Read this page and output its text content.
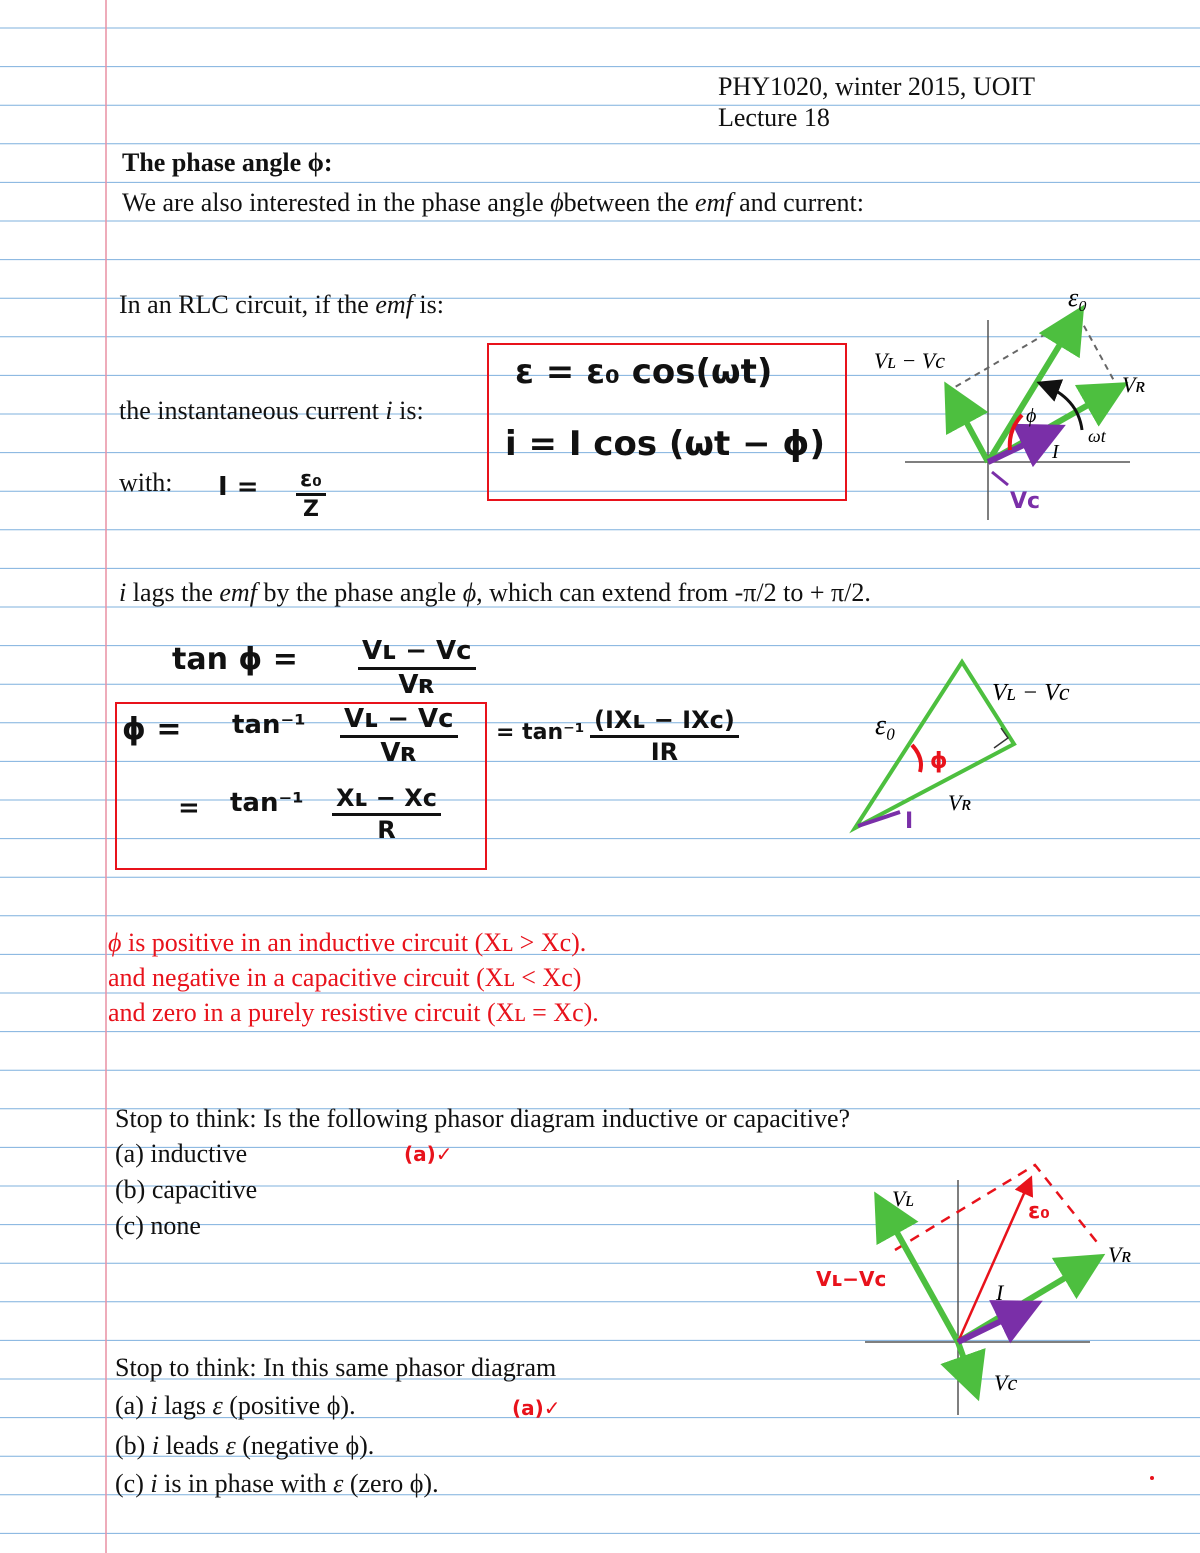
PHY1020, winter 2015, UOIT
Lecture 18
The phase angle ϕ:
We are also interested in the phase angle ϕbetween the emf and current:
In an RLC circuit, if the emf is:
the instantaneous current i is:
with:
ε = ε₀ cos(ωt)
i = I cos (ωt − ϕ)
$I = \frac{\text{ε₀}}{Z}$
i lags the emf by the phase angle ϕ, which can extend from -π/2 to + π/2.
$\tan \phi = \frac{\text{Vʟ − Vc}}{\text{Vʀ}}$
$\phi = \tan^{-1} \frac{\text{Vʟ − Vc}}{\text{Vʀ}}$
= $\tan^{-1} \frac{\text{Xʟ − Xc}}{R}$
= tan⁻¹ (IXʟ − IXc)
IR
ϕ is positive in an inductive circuit (Xʟ > Xc).
and negative in a capacitive circuit (Xʟ < Xc)
and zero in a purely resistive circuit (Xʟ = Xc).
Stop to think: Is the following phasor diagram inductive or capacitive?
(a) inductive
(b) capacitive
(c) none
(a)✓
Stop to think: In this same phasor diagram
(a) i lags ε (positive ϕ).
(b) i leads ε (negative ϕ).
(c) i is in phase with ε (zero ϕ).
(a)✓
ε₀
Vʟ − Vc
Vʀ
ϕ
I
ωt
Vc
ε₀
ϕ
Vʟ − Vc
Vʀ
I
Vʟ
Vʀ
I
Vc
ε₀
Vʟ−Vc
